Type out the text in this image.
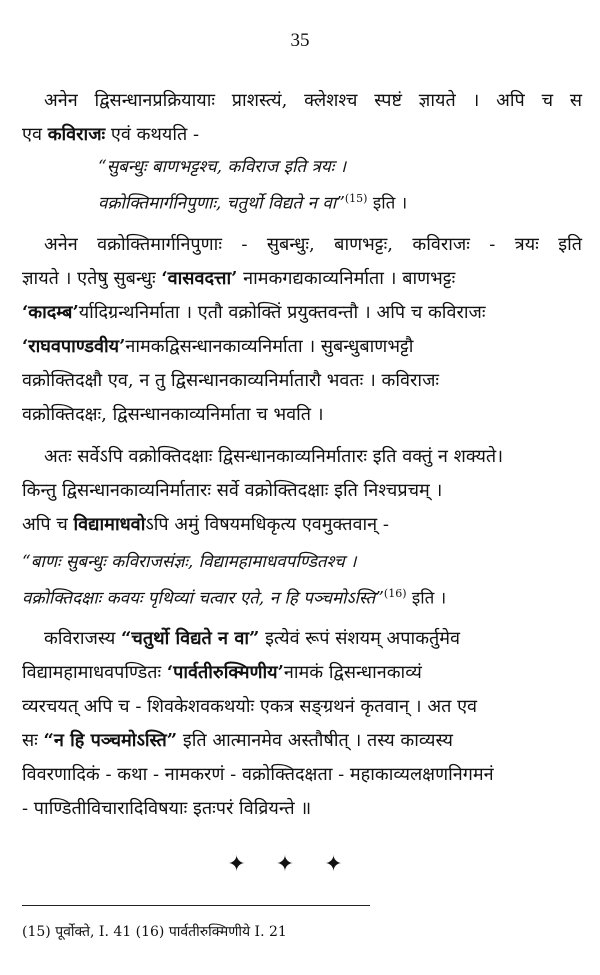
35
अनेन द्विसन्धानप्रक्रियायाः प्राशस्त्यं, क्लेशश्च स्पष्टं ज्ञायते । अपि च स
एव कविराजः एवं कथयति -
“सुबन्धुः बाणभट्टश्च, कविराज इति त्रयः ।
वक्रोक्तिमार्गनिपुणाः, चतुर्थो विद्यते न वा”$^{(15)}$ इति ।
अनेन वक्रोक्तिमार्गनिपुणाः - सुबन्धुः, बाणभट्टः, कविराजः - त्रयः इति
ज्ञायते । एतेषु सुबन्धुः ‘वासवदत्ता’ नामकगद्यकाव्यनिर्माता । बाणभट्टः
‘कादम्ब’र्यादिग्रन्थनिर्माता । एतौ वक्रोक्तिं प्रयुक्तवन्तौ । अपि च कविराजः
‘राघवपाण्डवीय’नामकद्विसन्धानकाव्यनिर्माता । सुबन्धुबाणभट्टौ
वक्रोक्तिदक्षौ एव, न तु द्विसन्धानकाव्यनिर्मातारौ भवतः । कविराजः
वक्रोक्तिदक्षः, द्विसन्धानकाव्यनिर्माता च भवति ।
अतः सर्वेऽपि वक्रोक्तिदक्षाः द्विसन्धानकाव्यनिर्मातारः इति वक्तुं न शक्यते।
किन्तु द्विसन्धानकाव्यनिर्मातारः सर्वे वक्रोक्तिदक्षाः इति निश्चप्रचम् ।
अपि च विद्यामाधवोऽपि अमुं विषयमधिकृत्य एवमुक्तवान् -
“बाणः सुबन्धुः कविराजसंज्ञः, विद्यामहामाधवपण्डितश्च ।
वक्रोक्तिदक्षाः कवयः पृथिव्यां चत्वार एते, न हि पञ्चमोऽस्ति”$^{(16)}$ इति ।
कविराजस्य “चतुर्थो विद्यते न वा” इत्येवं रूपं संशयम् अपाकर्तुमेव
विद्यामहामाधवपण्डितः ‘पार्वतीरुक्मिणीय’नामकं द्विसन्धानकाव्यं
व्यरचयत् अपि च - शिवकेशवकथयोः एकत्र सङ्ग्रथनं कृतवान् । अत एव
सः “न हि पञ्चमोऽस्ति” इति आत्मानमेव अस्तौषीत् । तस्य काव्यस्य
विवरणादिकं - कथा - नामकरणं - वक्रोक्तिदक्षता - महाकाव्यलक्षणनिगमनं
- पाण्डितीविचारादिविषयाः इतःपरं विव्रियन्ते ॥
✦✦✦
(15) पूर्वोक्ते, I. 41 (16) पार्वतीरुक्मिणीये I. 21
